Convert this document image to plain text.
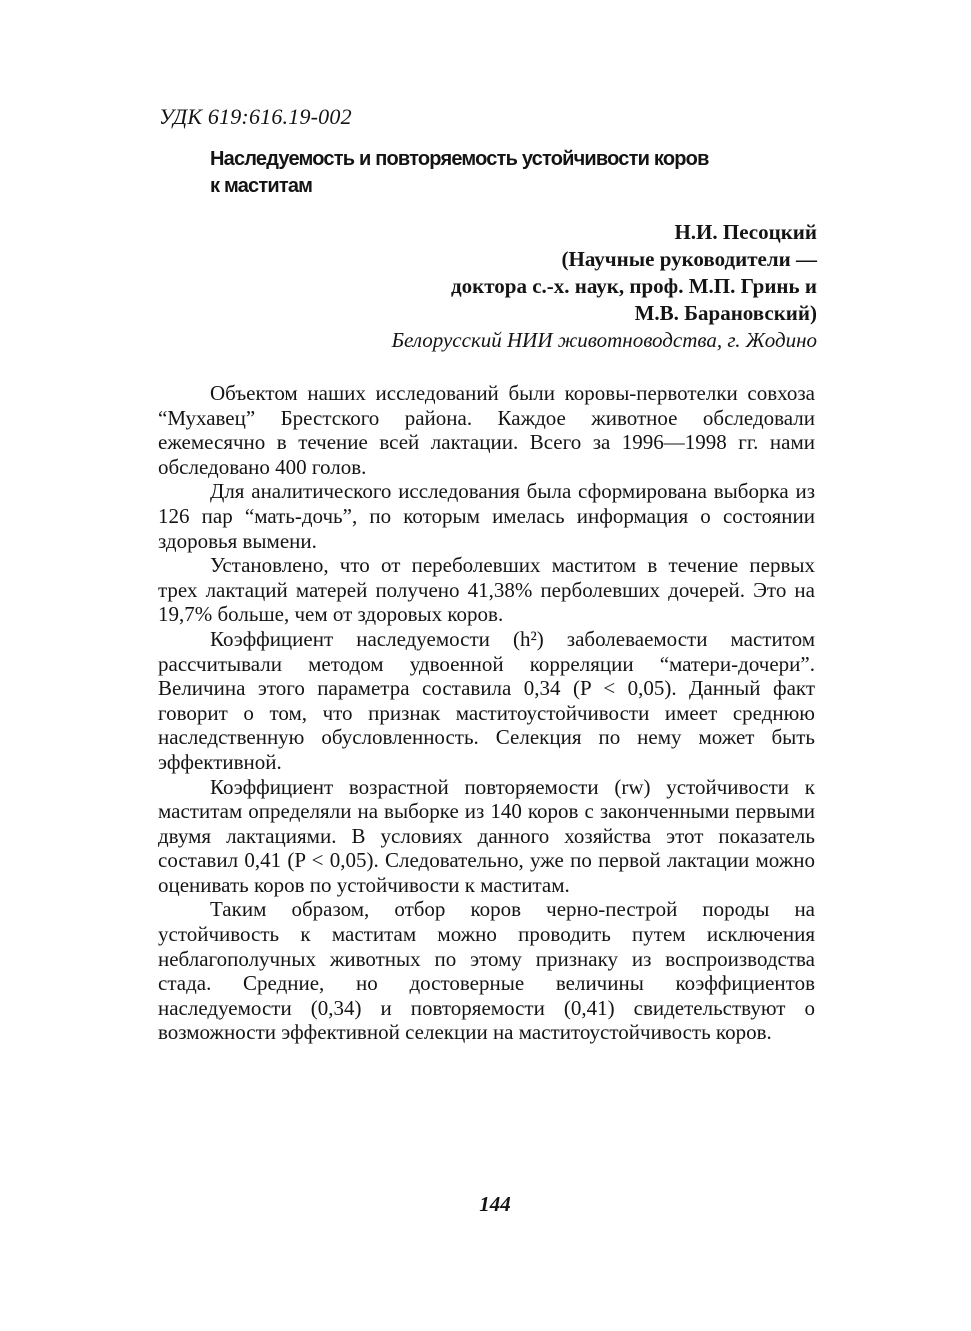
УДК 619:616.19-002
Наследуемость и повторяемость устойчивости коров
к маститам
Н.И. Песоцкий
(Научные руководители —
доктора с.-х. наук, проф. М.П. Гринь и
М.В. Барановский)
Белорусский НИИ животноводства, г. Жодино

Объектом наших исследований были коровы-первотелки совхоза “Мухавец” Брестского района. Каждое животное обследовали ежемесячно в течение всей лактации. Всего за 1996—1998 гг. нами обследовано 400 голов.

Для аналитического исследования была сформирована выборка из 126 пар “мать-дочь”, по которым имелась информация о состоянии здоровья вымени.

Установлено, что от переболевших маститом в течение первых трех лактаций матерей получено 41,38% перболевших дочерей. Это на 19,7% больше, чем от здоровых коров.

Коэффициент наследуемости (h²) заболеваемости маститом рассчитывали методом удвоенной корреляции “матери-дочери”. Величина этого параметра составила 0,34 (P < 0,05). Данный факт говорит о том, что признак маститоустойчивости имеет среднюю наследственную обусловленность. Селекция по нему может быть эффективной.

Коэффициент возрастной повторяемости (rw) устойчивости к маститам определяли на выборке из 140 коров с законченными первыми двумя лактациями. В условиях данного хозяйства этот показатель составил 0,41 (P < 0,05). Следовательно, уже по первой лактации можно оценивать коров по устойчивости к маститам.

Таким образом, отбор коров черно-пестрой породы на устойчивость к маститам можно проводить путем исключения неблагополучных животных по этому признаку из воспроизводства стада. Средние, но достоверные величины коэффициентов наследуемости (0,34) и повторяемости (0,41) свидетельствуют о возможности эффективной селекции на маститоустойчивость коров.

144
